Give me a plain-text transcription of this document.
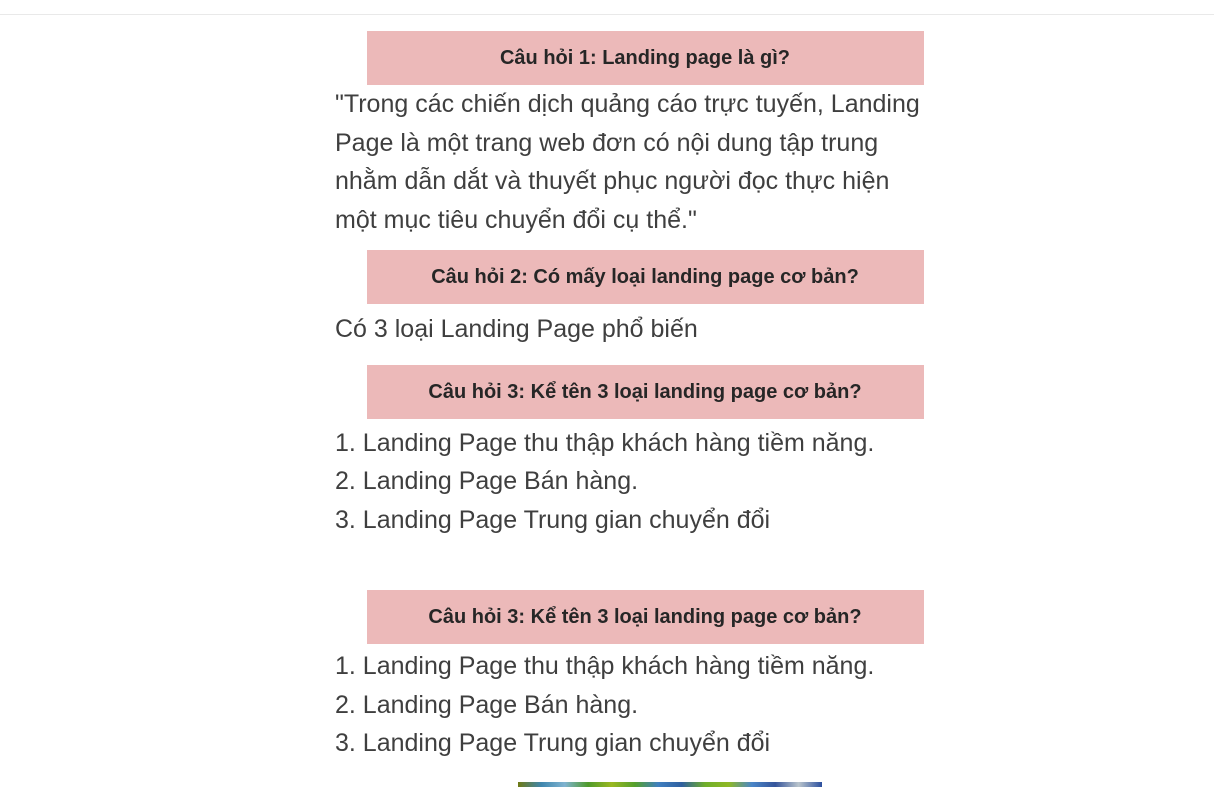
Câu hỏi 1: Landing page là gì?
"Trong các chiến dịch quảng cáo trực tuyến, Landing
Page là một trang web đơn có nội dung tập trung
nhằm dẫn dắt và thuyết phục người đọc thực hiện
một mục tiêu chuyển đổi cụ thể."
Câu hỏi 2: Có mấy loại landing page cơ bản?
Có 3 loại Landing Page phổ biến
Câu hỏi 3: Kể tên 3 loại landing page cơ bản?
1. Landing Page thu thập khách hàng tiềm năng.
2. Landing Page Bán hàng.
3. Landing Page Trung gian chuyển đổi
Câu hỏi 3: Kể tên 3 loại landing page cơ bản?
1. Landing Page thu thập khách hàng tiềm năng.
2. Landing Page Bán hàng.
3. Landing Page Trung gian chuyển đổi
